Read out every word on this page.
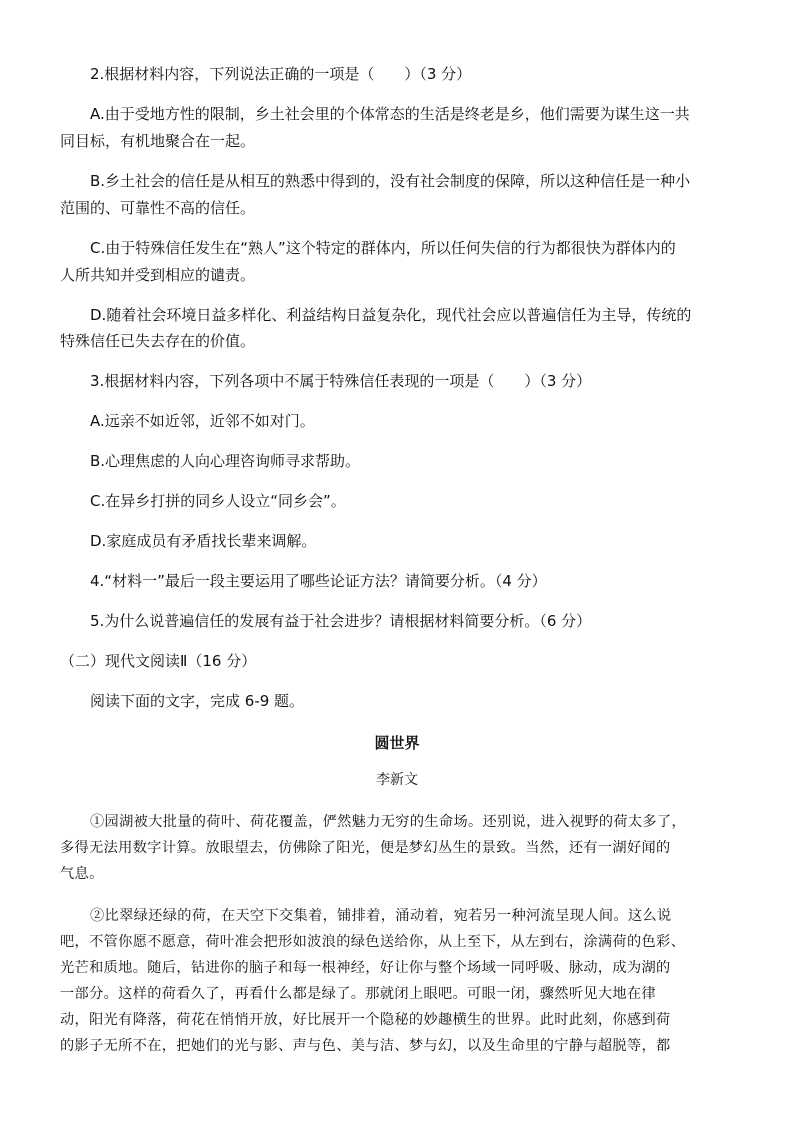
2.根据材料内容，下列说法正确的一项是（　　）（3 分）
A.由于受地方性的限制，乡土社会里的个体常态的生活是终老是乡，他们需要为谋生这一共
同目标，有机地聚合在一起。
B.乡土社会的信任是从相互的熟悉中得到的，没有社会制度的保障，所以这种信任是一种小
范围的、可靠性不高的信任。
C.由于特殊信任发生在“熟人”这个特定的群体内，所以任何失信的行为都很快为群体内的
人所共知并受到相应的谴责。
D.随着社会环境日益多样化、利益结构日益复杂化，现代社会应以普遍信任为主导，传统的
特殊信任已失去存在的价值。
3.根据材料内容，下列各项中不属于特殊信任表现的一项是（　　）（3 分）
A.远亲不如近邻，近邻不如对门。
B.心理焦虑的人向心理咨询师寻求帮助。
C.在异乡打拼的同乡人设立“同乡会”。
D.家庭成员有矛盾找长辈来调解。
4.“材料一”最后一段主要运用了哪些论证方法？请简要分析。（4 分）
5.为什么说普遍信任的发展有益于社会进步？请根据材料简要分析。（6 分）
（二）现代文阅读Ⅱ（16 分）
阅读下面的文字，完成 6-9 题。
圆世界
李新文
①园湖被大批量的荷叶、荷花覆盖，俨然魅力无穷的生命场。还别说，进入视野的荷太多了，
多得无法用数字计算。放眼望去，仿佛除了阳光，便是梦幻丛生的景致。当然，还有一湖好闻的
气息。
②比翠绿还绿的荷，在天空下交集着，铺排着，涌动着，宛若另一种河流呈现人间。这么说
吧，不管你愿不愿意，荷叶准会把形如波浪的绿色送给你，从上至下，从左到右，涂满荷的色彩、
光芒和质地。随后，钻进你的脑子和每一根神经，好让你与整个场域一同呼吸、脉动，成为湖的
一部分。这样的荷看久了，再看什么都是绿了。那就闭上眼吧。可眼一闭，骤然听见大地在律
动，阳光有降落，荷花在悄悄开放，好比展开一个隐秘的妙趣横生的世界。此时此刻，你感到荷
的影子无所不在，把她们的光与影、声与色、美与洁、梦与幻，以及生命里的宁静与超脱等，都
